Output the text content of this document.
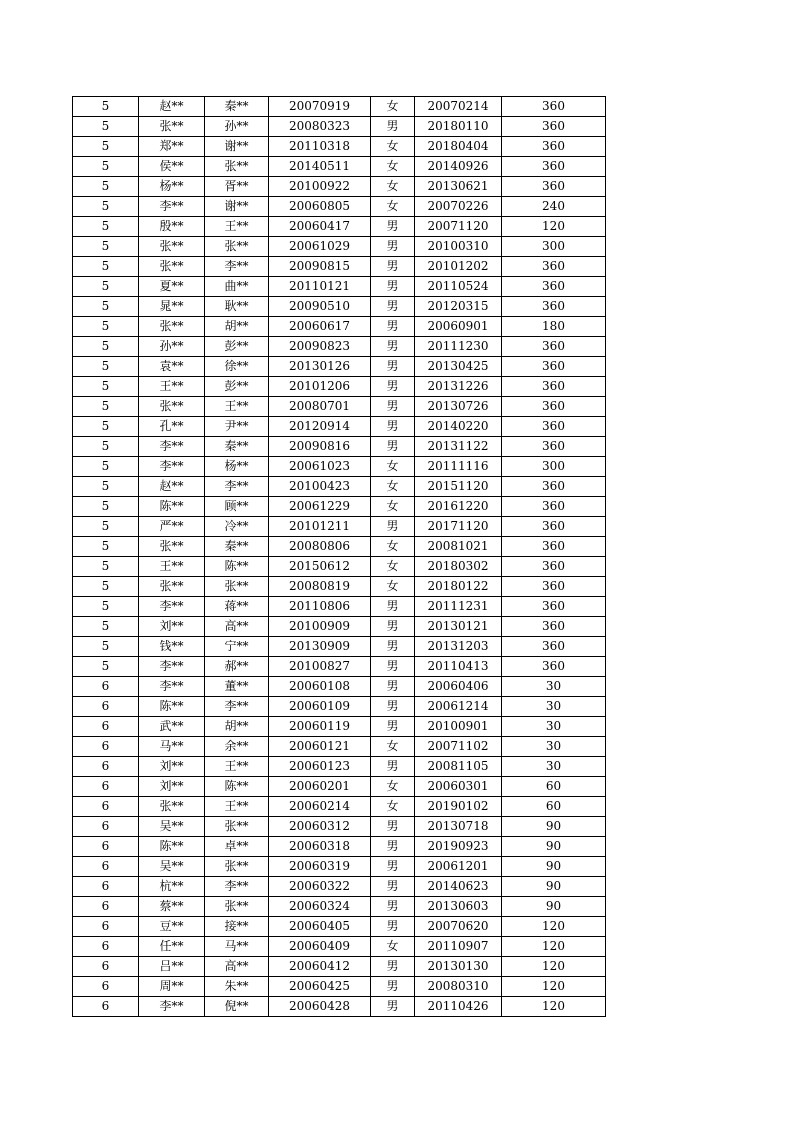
5	赵**	秦**	20070919	女	20070214	360
5	张**	孙**	20080323	男	20180110	360
5	郑**	谢**	20110318	女	20180404	360
5	侯**	张**	20140511	女	20140926	360
5	杨**	胥**	20100922	女	20130621	360
5	李**	谢**	20060805	女	20070226	240
5	殷**	王**	20060417	男	20071120	120
5	张**	张**	20061029	男	20100310	300
5	张**	李**	20090815	男	20101202	360
5	夏**	曲**	20110121	男	20110524	360
5	晁**	耿**	20090510	男	20120315	360
5	张**	胡**	20060617	男	20060901	180
5	孙**	彭**	20090823	男	20111230	360
5	袁**	徐**	20130126	男	20130425	360
5	王**	彭**	20101206	男	20131226	360
5	张**	王**	20080701	男	20130726	360
5	孔**	尹**	20120914	男	20140220	360
5	李**	秦**	20090816	男	20131122	360
5	李**	杨**	20061023	女	20111116	300
5	赵**	李**	20100423	女	20151120	360
5	陈**	顾**	20061229	女	20161220	360
5	严**	冷**	20101211	男	20171120	360
5	张**	秦**	20080806	女	20081021	360
5	王**	陈**	20150612	女	20180302	360
5	张**	张**	20080819	女	20180122	360
5	李**	蒋**	20110806	男	20111231	360
5	刘**	高**	20100909	男	20130121	360
5	钱**	宁**	20130909	男	20131203	360
5	李**	郝**	20100827	男	20110413	360
6	李**	董**	20060108	男	20060406	30
6	陈**	李**	20060109	男	20061214	30
6	武**	胡**	20060119	男	20100901	30
6	马**	余**	20060121	女	20071102	30
6	刘**	王**	20060123	男	20081105	30
6	刘**	陈**	20060201	女	20060301	60
6	张**	王**	20060214	女	20190102	60
6	吴**	张**	20060312	男	20130718	90
6	陈**	卓**	20060318	男	20190923	90
6	吴**	张**	20060319	男	20061201	90
6	杭**	李**	20060322	男	20140623	90
6	蔡**	张**	20060324	男	20130603	90
6	豆**	接**	20060405	男	20070620	120
6	任**	马**	20060409	女	20110907	120
6	吕**	高**	20060412	男	20130130	120
6	周**	朱**	20060425	男	20080310	120
6	李**	倪**	20060428	男	20110426	120
